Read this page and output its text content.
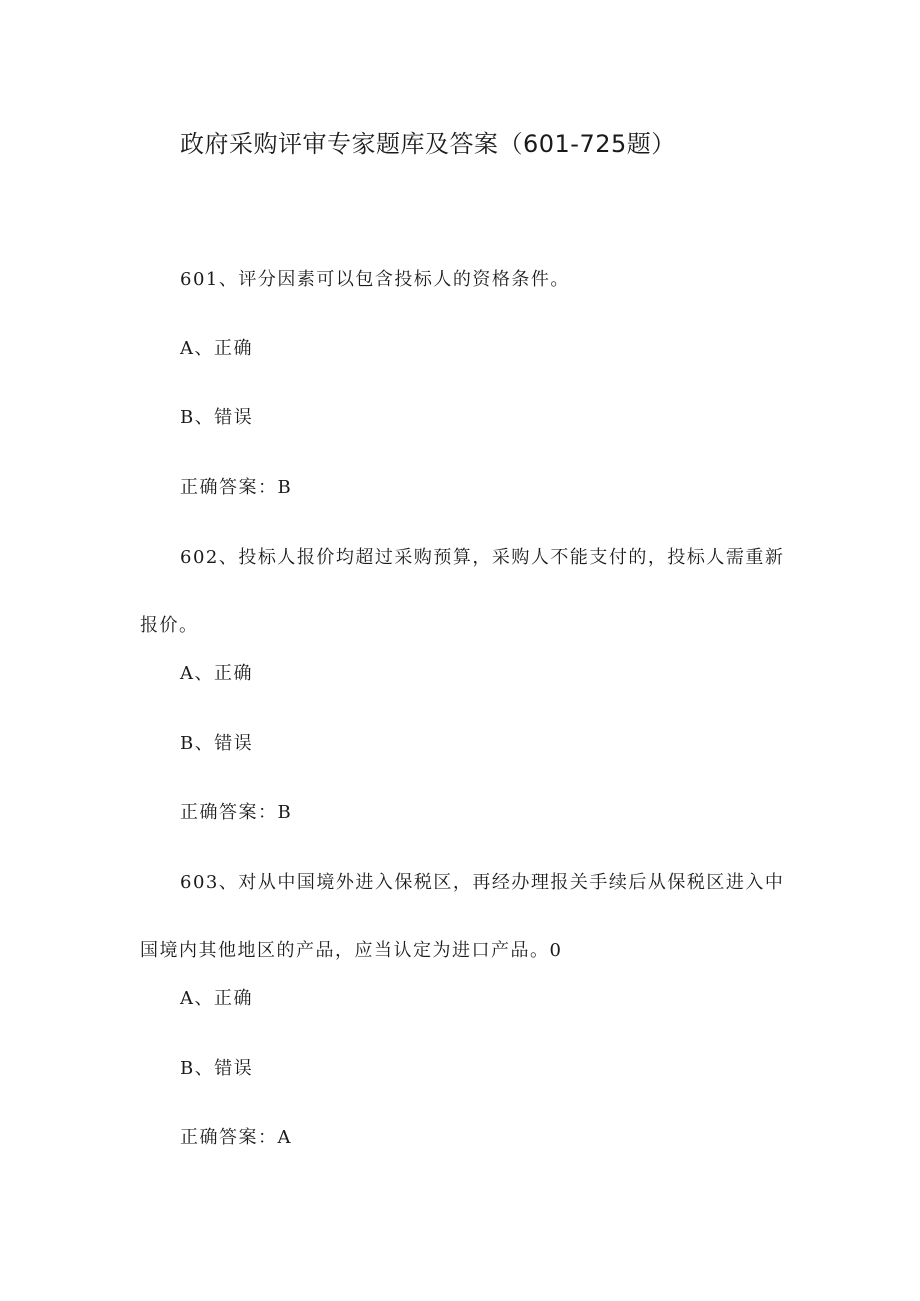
政府采购评审专家题库及答案（601-725题）
601、评分因素可以包含投标人的资格条件。
A、正确
B、错误
正确答案：B
602、投标人报价均超过采购预算，采购人不能支付的，投标人需重新报价。
A、正确
B、错误
正确答案：B
603、对从中国境外进入保税区，再经办理报关手续后从保税区进入中国境内其他地区的产品，应当认定为进口产品。0
A、正确
B、错误
正确答案：A
